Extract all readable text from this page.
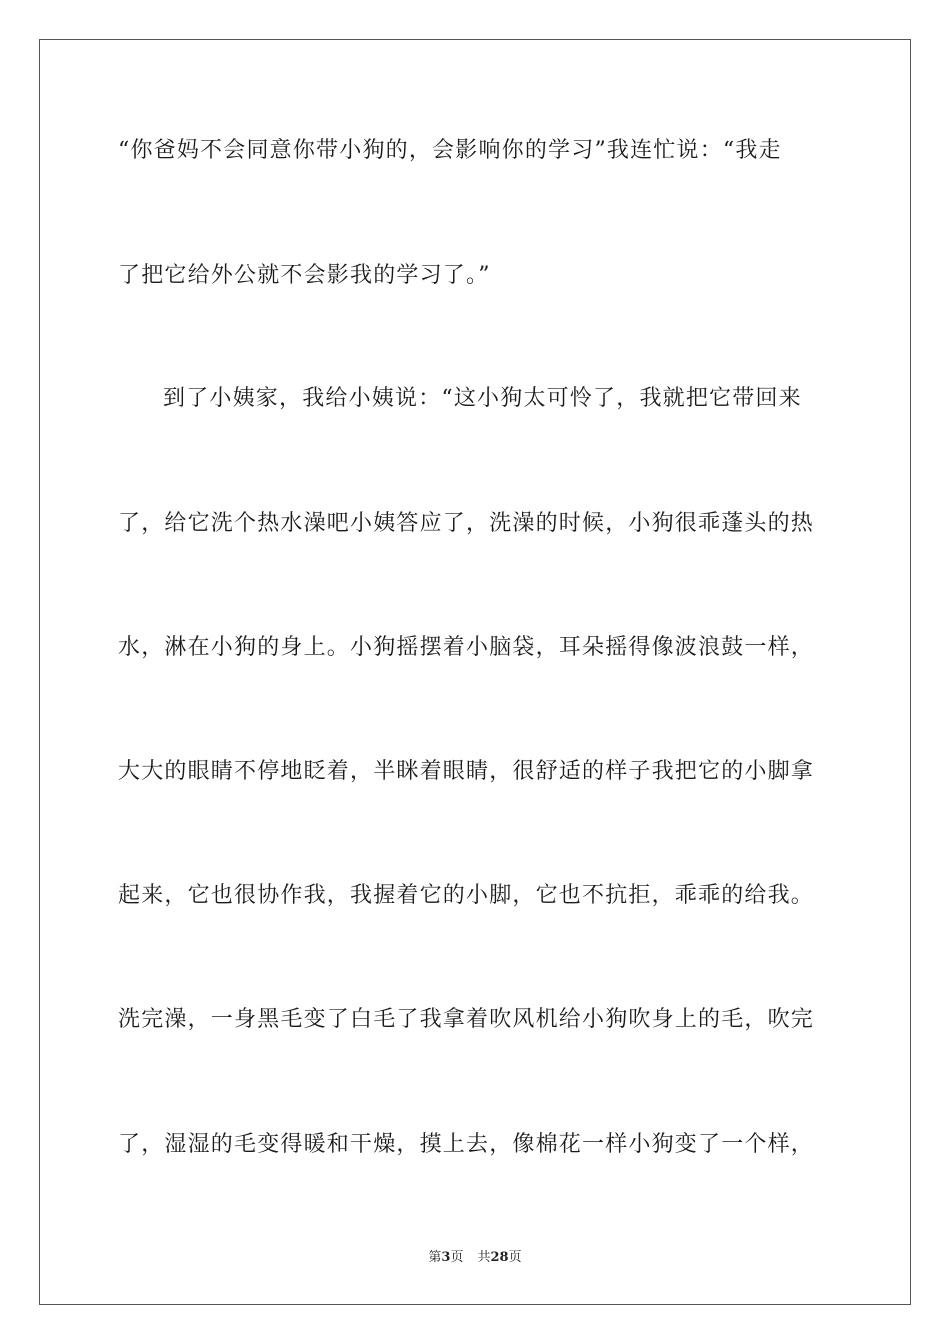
“你爸妈不会同意你带小狗的，会影响你的学习”我连忙说：“我走
了把它给外公就不会影我的学习了。”
到了小姨家，我给小姨说：“这小狗太可怜了，我就把它带回来
了，给它洗个热水澡吧小姨答应了，洗澡的时候，小狗很乖蓬头的热
水，淋在小狗的身上。小狗摇摆着小脑袋，耳朵摇得像波浪鼓一样，
大大的眼睛不停地眨着，半眯着眼睛，很舒适的样子我把它的小脚拿
起来，它也很协作我，我握着它的小脚，它也不抗拒，乖乖的给我。
洗完澡，一身黑毛变了白毛了我拿着吹风机给小狗吹身上的毛，吹完
了，湿湿的毛变得暖和干燥，摸上去，像棉花一样小狗变了一个样，
第3页 共28页
